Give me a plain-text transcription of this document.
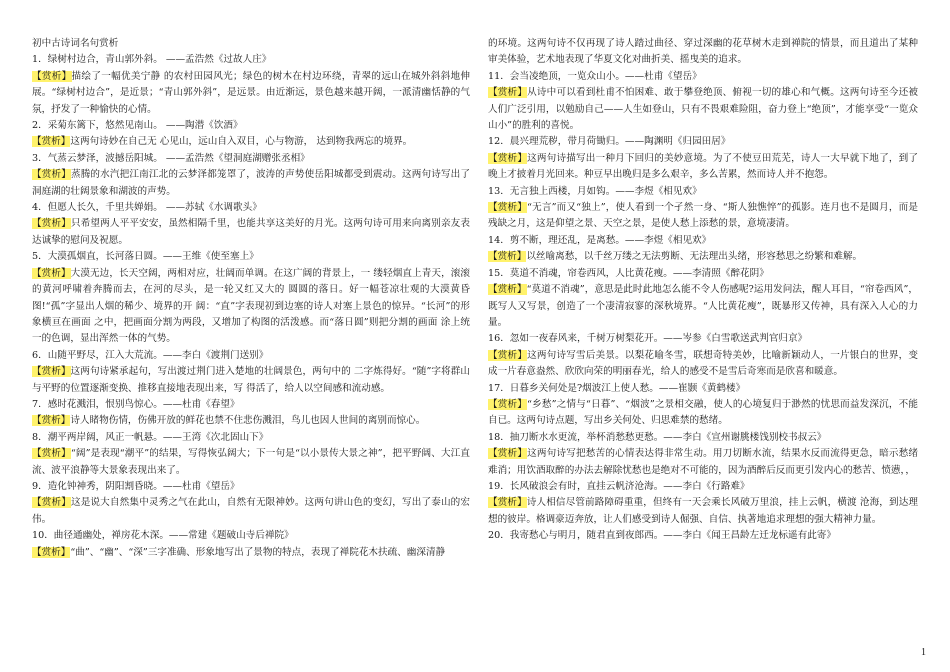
初中古诗词名句赏析

1．绿树村边合，青山郭外斜。 ——孟浩然《过故人庄》

【赏析】描绘了一幅优美宁静 的农村田园风光；绿色的树木在村边环绕，青翠的远山在城外斜斜地伸展。“绿树村边合”，是近景；“青山郭外斜”，是远景。由近渐远，景色越来越开阔，一派清幽恬静的气氛，抒发了一种愉快的心情。

2．采菊东篱下，悠然见南山。 ——陶潜《饮酒》

【赏析】这两句诗妙在自己无 心见山，远山自入双目，心与物游， 达到物我两忘的境界。

3．气蒸云梦泽，波撼岳阳城。 ——孟浩然《望洞庭湖赠张丞相》

【赏析】蒸腾的水汽把江南江北的云梦泽都笼罩了，波涛的声势使岳阳城都受到震动。这两句诗写出了洞庭湖的壮阔景象和湖波的声势。

4．但愿人长久，千里共婵娟。 ——苏轼《水调歌头》

【赏析】只希望两人平平安安，虽然相隔千里，也能共享这美好的月光。这两句诗可用来向离别亲友表达诚挚的慰问及祝愿。

5．大漠孤烟直，长河落日圆。——王维《使至塞上》

【赏析】大漠无边，长天空阔，两相对应，壮阔而单调。在这广阔的背景上，一 缕轻烟直上青天，滚滚的黄河呼啸着奔腾而去，在河的尽头，是一轮又红又大的 圆圆的落日。好一幅苍凉壮观的大漠黄昏图!“孤”字显出人烟的稀少、境界的开 阔：“直”字表现初到边塞的诗人对塞上景色的惊异。“长河”的形象横亘在画面 之中，把画面分割为两段，又增加了构图的活泼感。而“落日圆”则把分割的画面 涂上统一的色调，显出浑然一体的气势。

6．山随平野尽，江入大荒流。——李白《渡荆门送别》

【赏析】这两句诗紧承起句，写出渡过荆门进入楚地的壮阔景色，两句中的 二字炼得好。“随”字将群山与平野的位置逐渐变换、推移直接地表现出来，写 得活了，给人以空间感和流动感。

7．感时花溅泪，恨别鸟惊心。——杜甫《春望》

【赏析】诗人睹物伤情，伤佛开放的鲜花也禁不住悲伤溅泪，鸟儿也因人世间的离别而惊心。

8．潮平两岸阔，风正一帆悬。——王湾《次北固山下》

【赏析】“阔”是表现“潮平”的结果，写得恢弘阔大；下一句是“以小景传大景之神”，把平野阔、大江直流、波平浪静等大景象表现出来了。

9．造化钟神秀，阴阳割昏晓。——杜甫《望岳》

【赏析】这是说大自然集中灵秀之气在此山，自然有无限神妙。这两句讲山色的变幻，写出了泰山的宏伟。

10．曲径通幽处，禅房花木深。——常建《题破山寺后禅院》

【赏析】“曲”、“幽”、“深”三字准确、形象地写出了景物的特点，表现了禅院花木扶疏、幽深清静

的环境。这两句诗不仅再现了诗人踏过曲径、穿过深幽的花草树木走到禅院的情景，而且道出了某种审美体验，艺术地表现了华夏文化对曲折美、摇曳美的追求。

11．会当凌绝顶，一览众山小。——杜甫《望岳》

【赏析】从诗中可以看到杜甫不怕困难、敢于攀登绝顶、俯视一切的雄心和气概。这两句诗至今还被人们广泛引用，以勉励自己——人生如登山，只有不畏艰难险阻，奋力登上“绝顶”，才能享受“一览众山小”的胜利的喜悦。

12．晨兴理荒秽，带月荷锄归。——陶渊明《归园田居》

【赏析】这两句诗描写出一种月下回归的美妙意境。为了不使豆田荒芜，诗人一大早就下地了，到了晚上才披着月光回来。种豆早出晚归是多么艰辛，多么苦累，然而诗人并不抱怨。

13．无言独上西楼，月如钩。——李煜《相见欢》

【赏析】“无言”而又“独上”，使人看到一个孑然一身、“斯人独憔悴”的孤影。连月也不是圆月，而是残缺之月，这是仰望之景、天空之景，是使人愁上添愁的景，意境凄清。

14．剪不断，理还乱，是离愁。——李煜《相见欢》

【赏析】以丝喻离愁，以千丝万缕之无法剪断、无法理出头绪，形容愁思之纷繁和难解。

15．莫道不消魂，帘卷西风，人比黄花瘦。——李清照《醉花阴》

【赏析】“莫道不消魂”，意思是此时此地怎么能不令人伤感呢?运用发问法，醒人耳目，“帘卷西风”，既写人又写景，创造了一个凄清寂寥的深秋境界。“人比黄花瘦”，既暴形又传神，具有深入人心的力量。

16．忽如一夜春风来，千树万树梨花开。——岑参《白雪歌送武判官归京》

【赏析】这两句诗写雪后美景。以梨花喻冬雪，联想奇特美妙，比喻新颖动人，一片银白的世界，变成一片春意盎然、欣欣向荣的明丽春光，给人的感受不是雪后奇寒而是欣喜和暖意。

17．日暮乡关何处是?烟波江上使人愁。——崔颢《黄鹤楼》

【赏析】“乡愁”之情与“日暮”、“烟波”之景相交融，使人的心境复归于渺然的忧思而益发深沉，不能自已。这两句诗点题，写出乡关何处、归思难禁的愁绪。

18．抽刀断水水更流，举杯消愁愁更愁。——李白《宣州谢朓楼饯别校书叔云》

【赏析】这两句诗写把愁苦的心情表达得非常生动。用刀切断水流，结果水反而流得更急，暗示愁绪难消；用饮酒取醉的办法去解除忧愁也是绝对不可能的，因为酒醉后反而更引发内心的愁苦、愤懑，，

19．长风破浪会有时，直挂云帆济沧海。——李白《行路难》

【赏析】诗人相信尽管前路障碍重重，但终有一天会乘长风破万里浪，挂上云帆，横渡 沧海，到达理想的彼岸。格调豪迈奔放，让人们感受到诗人倔强、自信、执著地追求理想的强大精神力量。

20．我寄愁心与明月，随君直到夜郎西。——李白《闻王昌龄左迁龙标遥有此寄》

1
